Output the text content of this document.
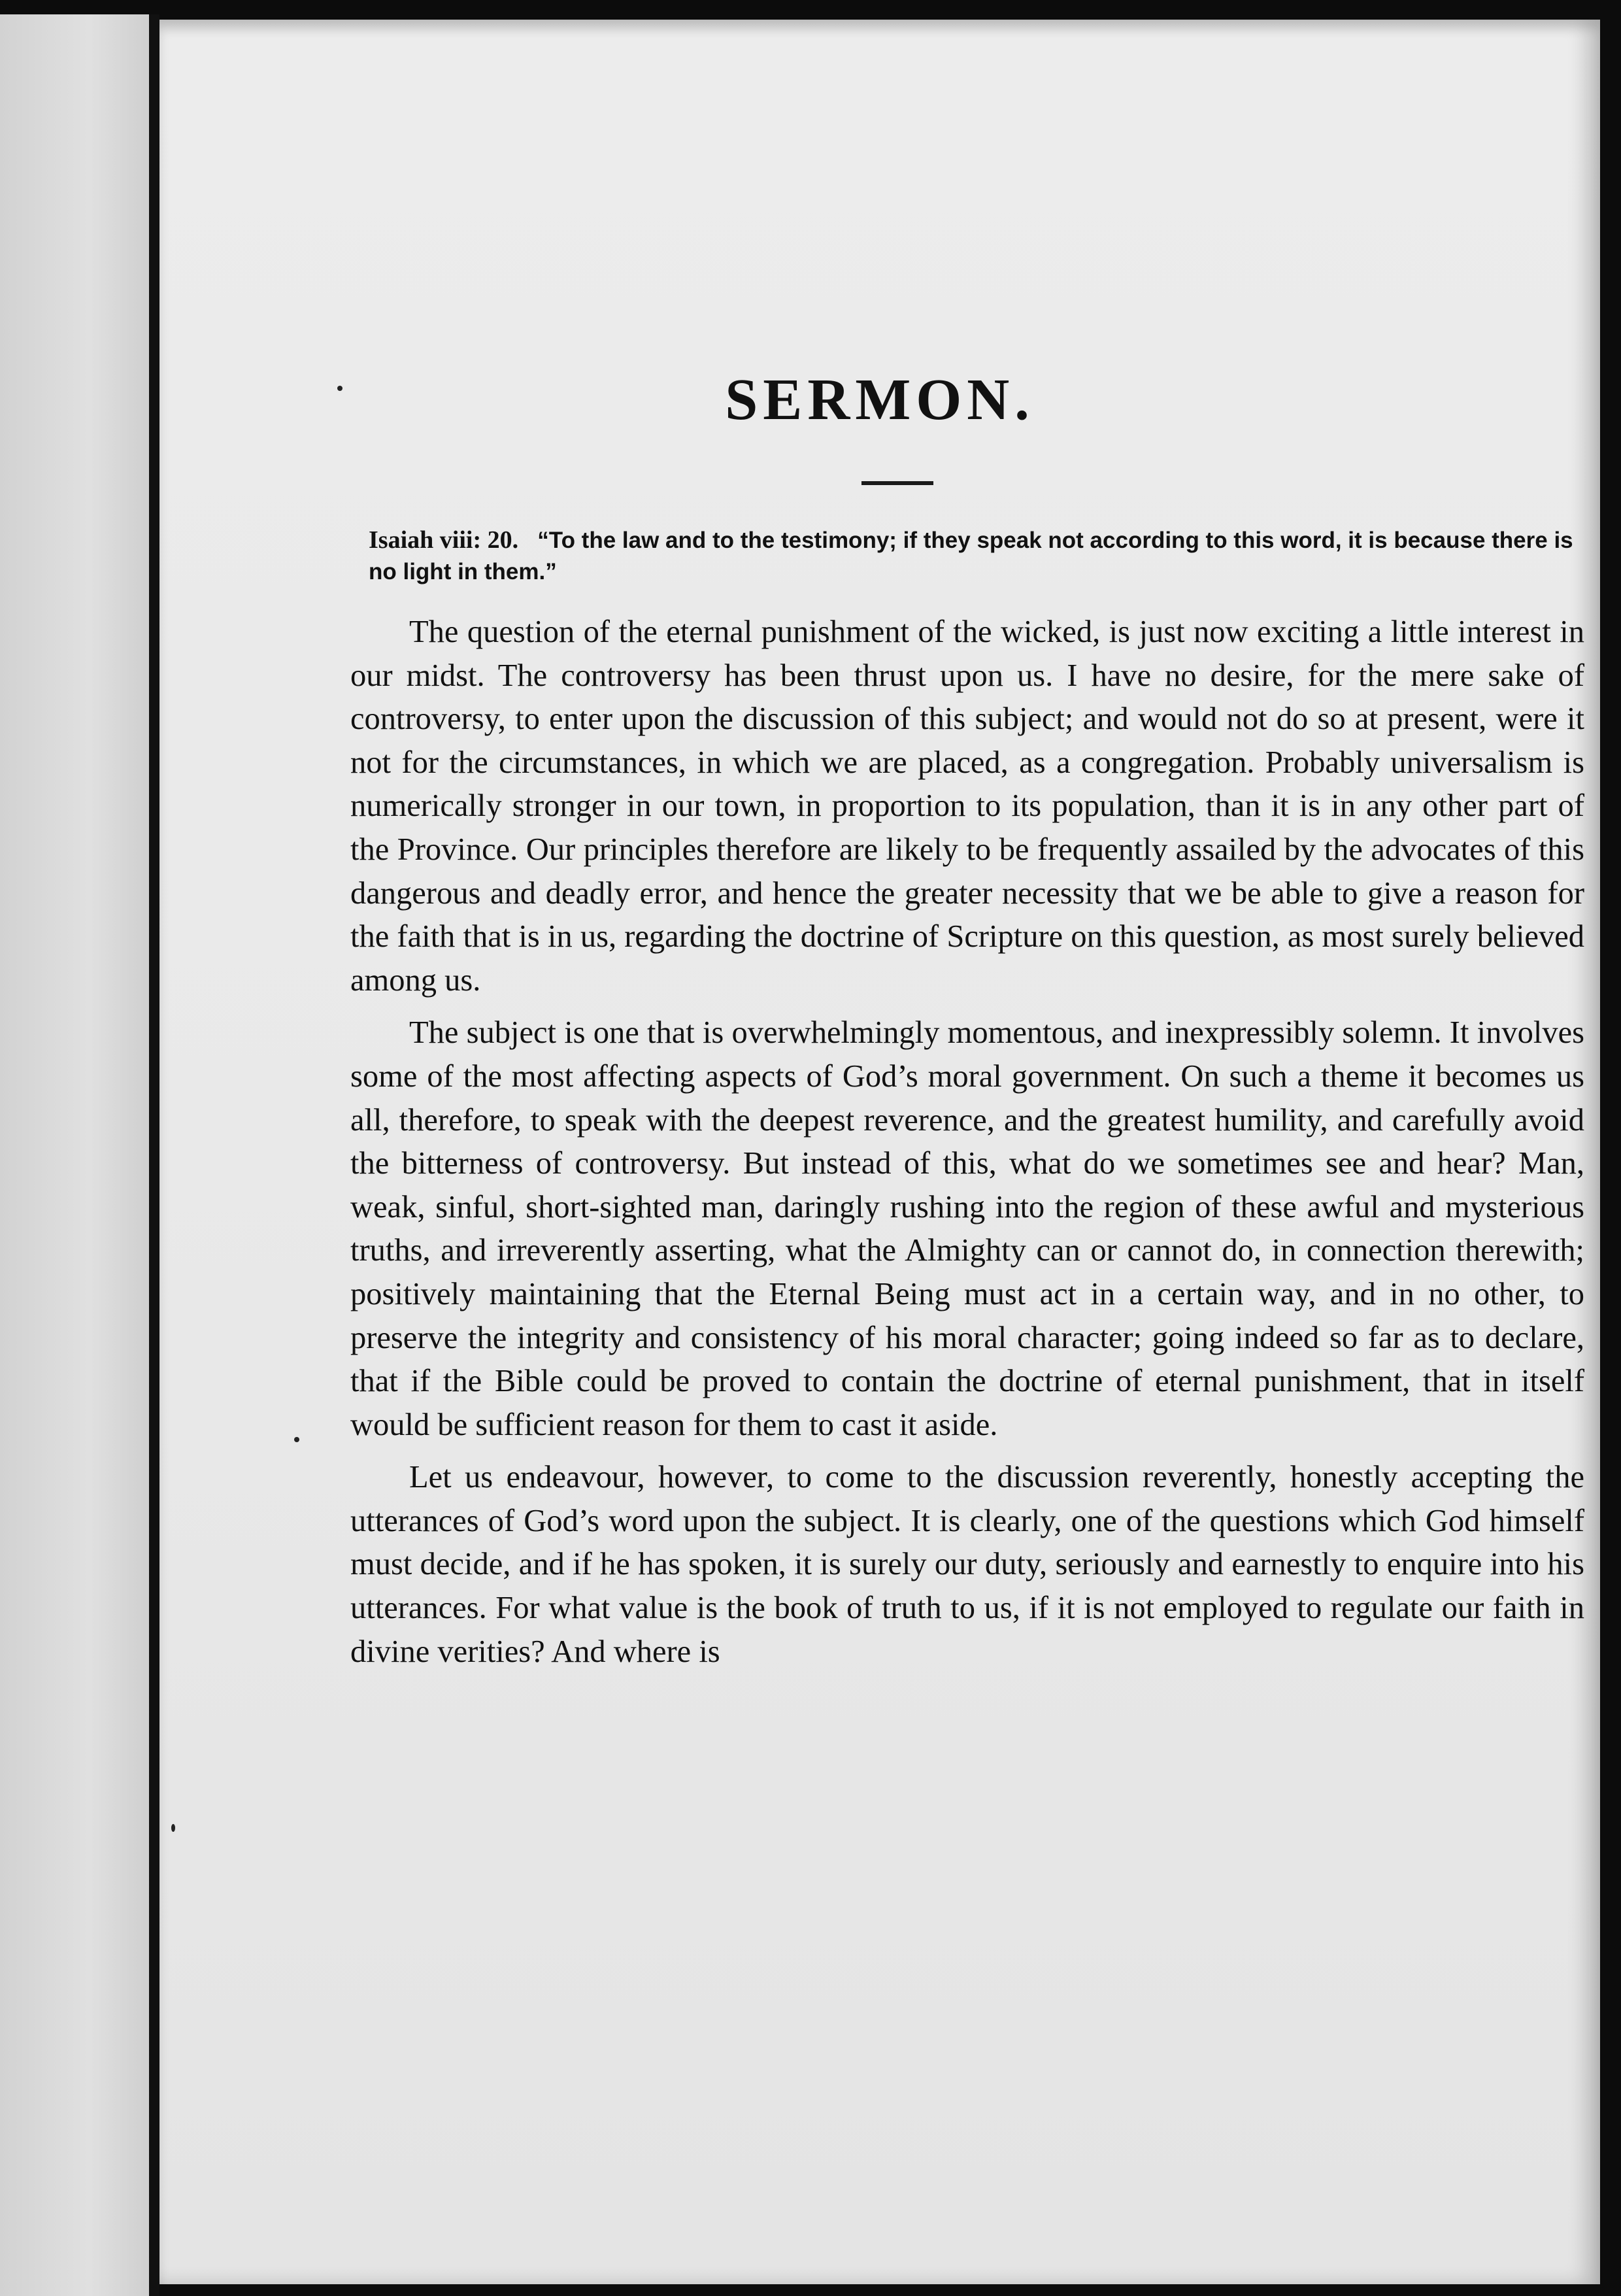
SERMON.
Isaiah viii: 20. “To the law and to the testimony; if they speak not according to this word, it is because there is no light in them.”

The question of the eternal punishment of the wicked, is just now exciting a little interest in our midst. The controversy has been thrust upon us. I have no desire, for the mere sake of controversy, to enter upon the discussion of this subject; and would not do so at present, were it not for the circumstances, in which we are placed, as a congregation. Probably universalism is numerically stronger in our town, in proportion to its population, than it is in any other part of the Province. Our principles therefore are likely to be frequently assailed by the advocates of this dangerous and deadly error, and hence the greater necessity that we be able to give a reason for the faith that is in us, regarding the doctrine of Scripture on this question, as most surely believed among us.

The subject is one that is overwhelmingly momentous, and inexpressibly solemn. It involves some of the most affecting aspects of God’s moral government. On such a theme it becomes us all, therefore, to speak with the deepest reverence, and the greatest humility, and carefully avoid the bitterness of controversy. But instead of this, what do we sometimes see and hear? Man, weak, sinful, short-sighted man, daringly rushing into the region of these awful and mysterious truths, and irreverently asserting, what the Almighty can or cannot do, in connection therewith; positively maintaining that the Eternal Being must act in a certain way, and in no other, to preserve the integrity and consistency of his moral character; going indeed so far as to declare, that if the Bible could be proved to contain the doctrine of eternal punishment, that in itself would be sufficient reason for them to cast it aside.

Let us endeavour, however, to come to the discussion reverently, honestly accepting the utterances of God’s word upon the subject. It is clearly, one of the questions which God himself must decide, and if he has spoken, it is surely our duty, seriously and earnestly to enquire into his utterances. For what value is the book of truth to us, if it is not employed to regulate our faith in divine verities? And where is
